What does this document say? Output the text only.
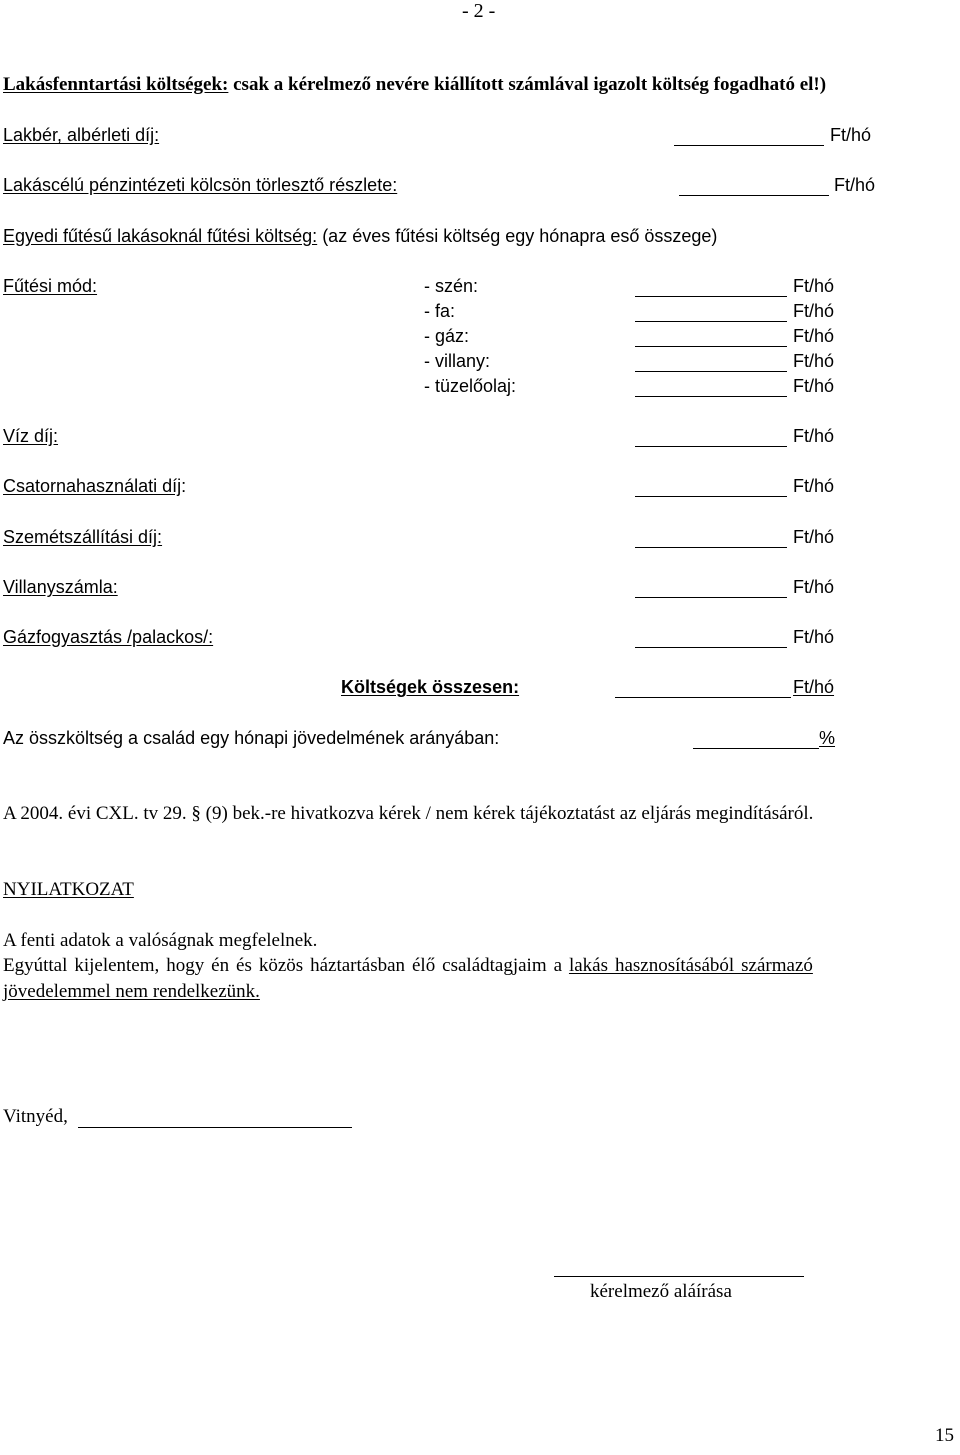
- 2 -
Lakásfenntartási költségek: csak a kérelmező nevére kiállított számlával igazolt költség fogadható el!)
Lakbér, albérleti díj:	Ft/hó
Lakáscélú pénzintézeti kölcsön törlesztő részlete:	Ft/hó
Egyedi fűtésű lakásoknál fűtési költség: (az éves fűtési költség egy hónapra eső összege)
Fűtési mód:	- szén:	Ft/hó
- fa:	Ft/hó
- gáz:	Ft/hó
- villany:	Ft/hó
- tüzelőolaj:	Ft/hó
Víz díj:	Ft/hó
Csatornahasználati díj:	Ft/hó
Szemétszállítási díj:	Ft/hó
Villanyszámla:	Ft/hó
Gázfogyasztás /palackos/:	Ft/hó
Költségek összesen:	Ft/hó
Az összköltség a család egy hónapi jövedelmének arányában:	%
A 2004. évi CXL. tv 29. § (9) bek.-re hivatkozva kérek / nem kérek tájékoztatást az eljárás megindításáról.
NYILATKOZAT
A fenti adatok a valóságnak megfelelnek.
Egyúttal kijelentem, hogy én és közös háztartásban élő családtagjaim a lakás hasznosításából származó
jövedelemmel nem rendelkezünk.
Vitnyéd,
kérelmező aláírása
15
